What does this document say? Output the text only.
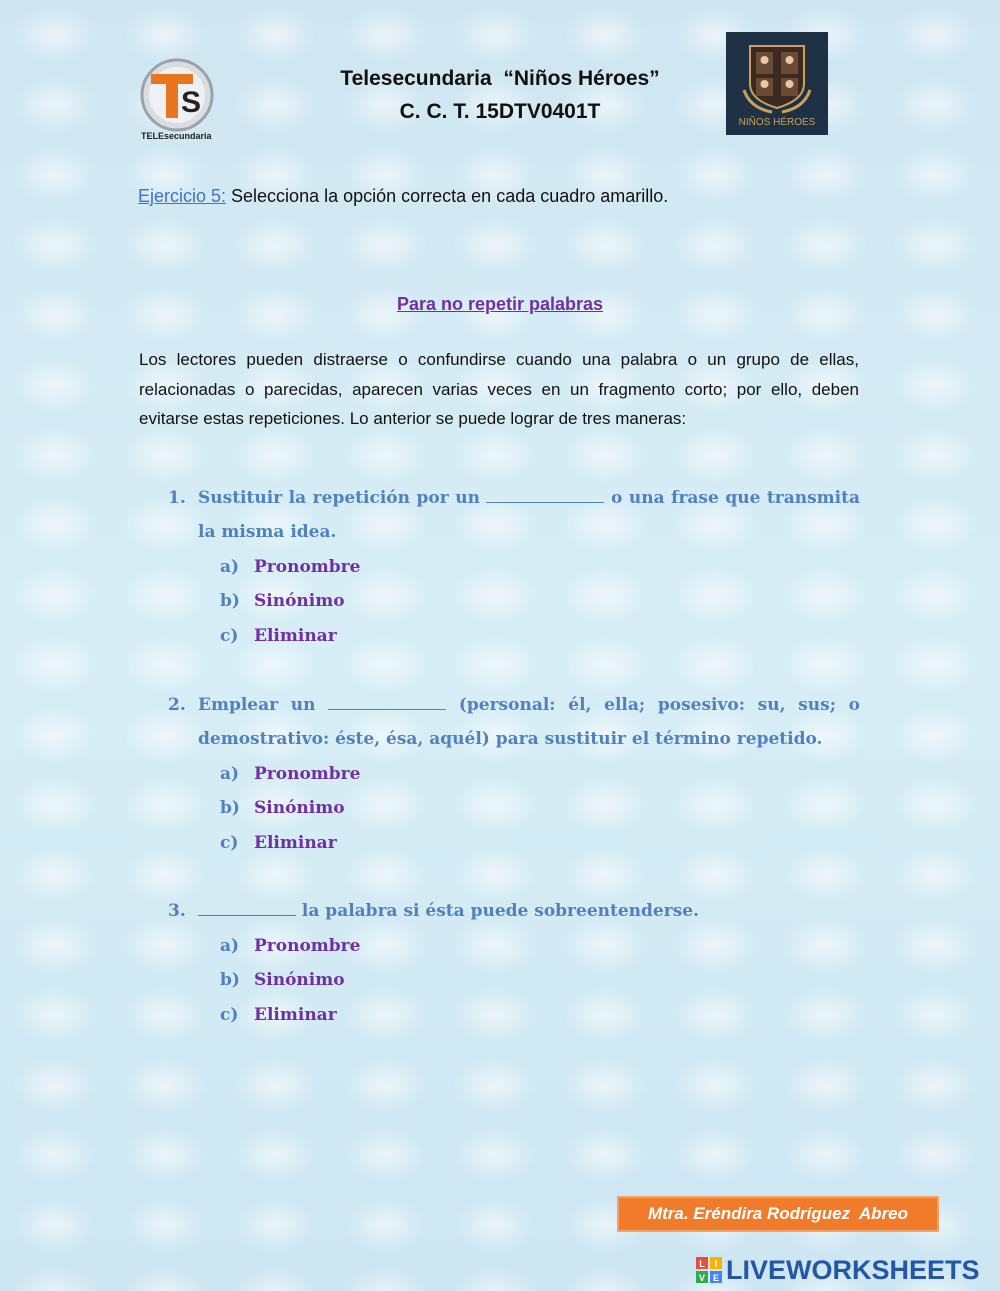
S
TELEsecundaria
Telesecundaria  “Niños Héroes”
C. C. T. 15DTV0401T	NIÑOS HÉROES
Ejercicio 5: Selecciona la opción correcta en cada cuadro amarillo.
Para no repetir palabras
Los lectores pueden distraerse o confundirse cuando una palabra o un grupo de ellas, relacionadas o parecidas, aparecen varias veces en un fragmento corto; por ello, deben evitarse estas repeticiones. Lo anterior se puede lograr de tres maneras:
1. Sustituir la repetición por un	o una frase que transmita la misma idea.
a) Pronombre
b) Sinónimo
c) Eliminar
2. Emplear un	(personal: él, ella; posesivo: su, sus; o demostrativo: éste, ésa, aquél) para sustituir el término repetido.
a) Pronombre
b) Sinónimo
c) Eliminar
3.	la palabra si ésta puede sobreentenderse.
a) Pronombre
b) Sinónimo
c) Eliminar
Mtra. Eréndira Rodríguez  Abreo
L I
V E LIVEWORKSHEETS
